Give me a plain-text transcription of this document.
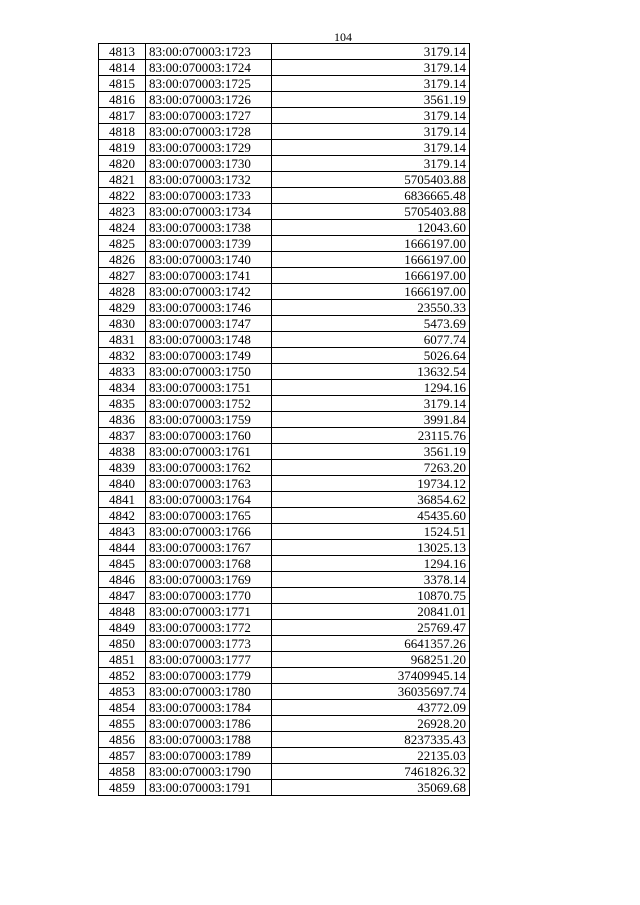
104
4813	83:00:070003:1723	3179.14
4814	83:00:070003:1724	3179.14
4815	83:00:070003:1725	3179.14
4816	83:00:070003:1726	3561.19
4817	83:00:070003:1727	3179.14
4818	83:00:070003:1728	3179.14
4819	83:00:070003:1729	3179.14
4820	83:00:070003:1730	3179.14
4821	83:00:070003:1732	5705403.88
4822	83:00:070003:1733	6836665.48
4823	83:00:070003:1734	5705403.88
4824	83:00:070003:1738	12043.60
4825	83:00:070003:1739	1666197.00
4826	83:00:070003:1740	1666197.00
4827	83:00:070003:1741	1666197.00
4828	83:00:070003:1742	1666197.00
4829	83:00:070003:1746	23550.33
4830	83:00:070003:1747	5473.69
4831	83:00:070003:1748	6077.74
4832	83:00:070003:1749	5026.64
4833	83:00:070003:1750	13632.54
4834	83:00:070003:1751	1294.16
4835	83:00:070003:1752	3179.14
4836	83:00:070003:1759	3991.84
4837	83:00:070003:1760	23115.76
4838	83:00:070003:1761	3561.19
4839	83:00:070003:1762	7263.20
4840	83:00:070003:1763	19734.12
4841	83:00:070003:1764	36854.62
4842	83:00:070003:1765	45435.60
4843	83:00:070003:1766	1524.51
4844	83:00:070003:1767	13025.13
4845	83:00:070003:1768	1294.16
4846	83:00:070003:1769	3378.14
4847	83:00:070003:1770	10870.75
4848	83:00:070003:1771	20841.01
4849	83:00:070003:1772	25769.47
4850	83:00:070003:1773	6641357.26
4851	83:00:070003:1777	968251.20
4852	83:00:070003:1779	37409945.14
4853	83:00:070003:1780	36035697.74
4854	83:00:070003:1784	43772.09
4855	83:00:070003:1786	26928.20
4856	83:00:070003:1788	8237335.43
4857	83:00:070003:1789	22135.03
4858	83:00:070003:1790	7461826.32
4859	83:00:070003:1791	35069.68
